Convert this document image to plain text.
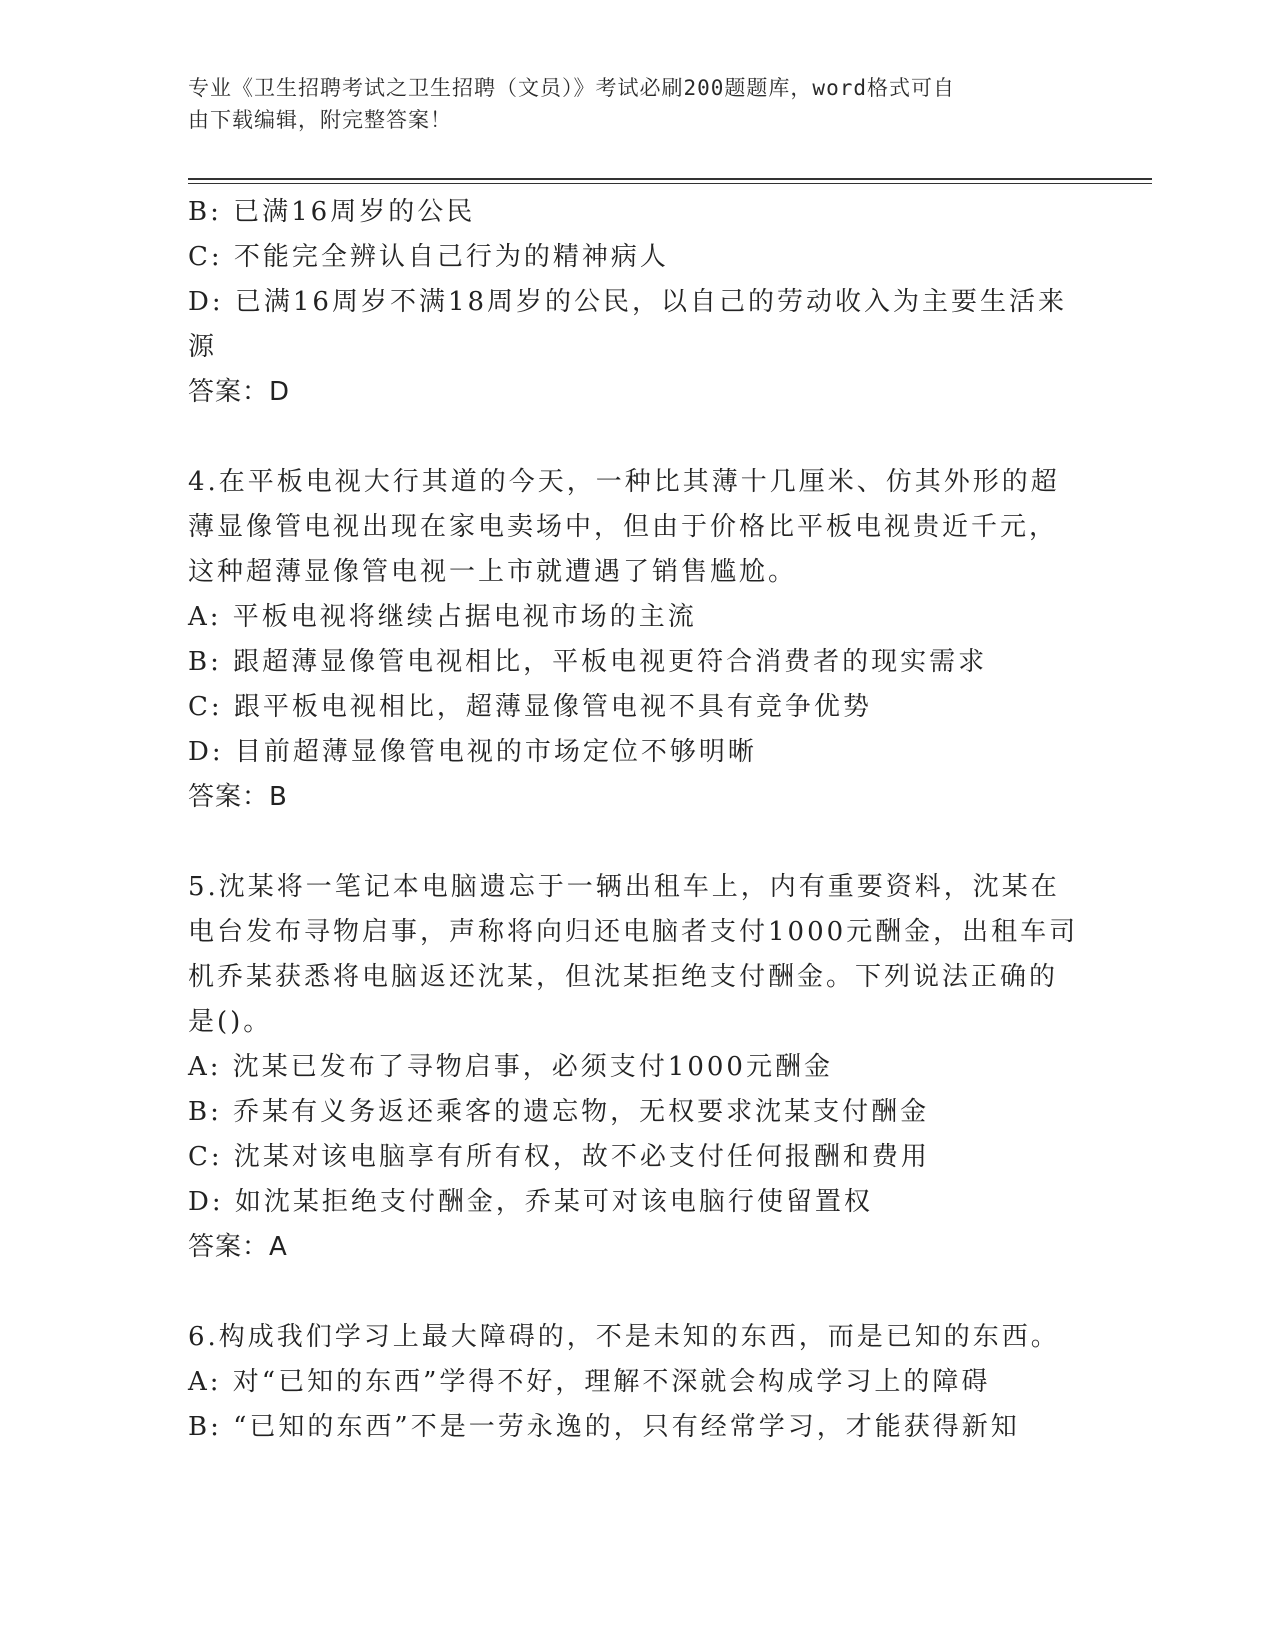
专业《卫生招聘考试之卫生招聘（文员）》考试必刷200题题库，word格式可自
由下载编辑，附完整答案！
B: 已满16周岁的公民
C: 不能完全辨认自己行为的精神病人
D: 已满16周岁不满18周岁的公民，以自己的劳动收入为主要生活来
源
答案：D
4.在平板电视大行其道的今天，一种比其薄十几厘米、仿其外形的超
薄显像管电视出现在家电卖场中，但由于价格比平板电视贵近千元，
这种超薄显像管电视一上市就遭遇了销售尴尬。
A: 平板电视将继续占据电视市场的主流
B: 跟超薄显像管电视相比，平板电视更符合消费者的现实需求
C: 跟平板电视相比，超薄显像管电视不具有竞争优势
D: 目前超薄显像管电视的市场定位不够明晰
答案：B
5.沈某将一笔记本电脑遗忘于一辆出租车上，内有重要资料，沈某在
电台发布寻物启事，声称将向归还电脑者支付1000元酬金，出租车司
机乔某获悉将电脑返还沈某，但沈某拒绝支付酬金。下列说法正确的
是()。
A: 沈某已发布了寻物启事，必须支付1000元酬金
B: 乔某有义务返还乘客的遗忘物，无权要求沈某支付酬金
C: 沈某对该电脑享有所有权，故不必支付任何报酬和费用
D: 如沈某拒绝支付酬金，乔某可对该电脑行使留置权
答案：A
6.构成我们学习上最大障碍的，不是未知的东西，而是已知的东西。
A: 对“已知的东西”学得不好，理解不深就会构成学习上的障碍
B: “已知的东西”不是一劳永逸的，只有经常学习，才能获得新知
